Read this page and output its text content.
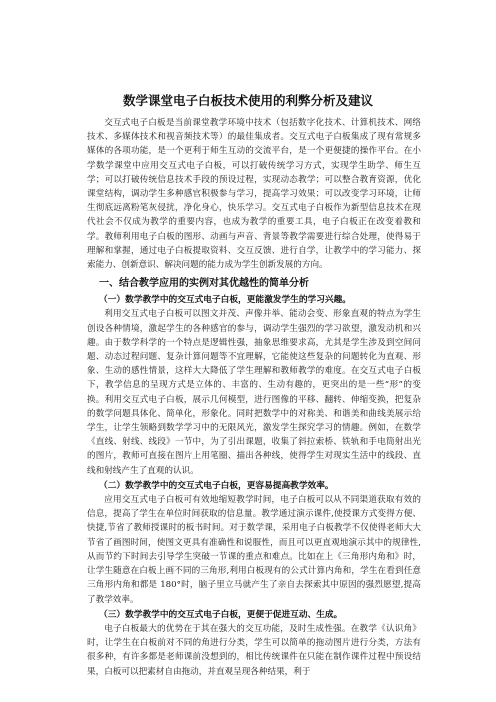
数学课堂电子白板技术使用的利弊分析及建议

交互式电子白板是当前课堂教学环境中技术（包括数字化技术、计算机技术、网络技术、多媒体技术和视音频技术等）的最佳集成者。交互式电子白板集成了现有常规多媒体的各项功能，是一个更利于师生互动的交流平台，是一个更便捷的操作平台。在小学数学课堂中应用交互式电子白板，可以打破传统学习方式，实现学生助学、师生互学；可以打破传统信息技术手段的预设过程，实现动态教学；可以整合教育资源，优化课堂结构，调动学生多种感官积极参与学习，提高学习效果；可以改变学习环境，让师生彻底远离粉笔灰侵扰，净化身心，快乐学习。交互式电子白板作为新型信息技术在现代社会不仅成为教学的重要内容，也成为教学的重要工具，电子白板正在改变着教和学。教师利用电子白板的图形、动画与声音、背景等教学需要进行综合处理，使得易于理解和掌握，通过电子白板提取资料、交互反馈、进行自学，让教学中的学习能力、探索能力、创新意识、解决问题的能力成为学生创新发展的方向。

一、结合教学应用的实例对其优越性的简单分析
（一）数学教学中的交互式电子白板，更能激发学生的学习兴趣。

利用交互式电子白板可以图文并茂、声像并举、能动会变、形象直观的特点为学生创设各种情境，激起学生的各种感官的参与，调动学生强烈的学习欲望，激发动机和兴趣。由于数学科学的一个特点是逻辑性强，抽象思维要求高，尤其是学生涉及到空间问题、动态过程问题、复杂计算问题等不宜理解，它能使这些复杂的问题转化为直观、形象、生动的感性情景，这样大大降低了学生理解和教师教学的难度。在交互式电子白板下，教学信息的呈现方式是立体的、丰富的、生动有趣的，更突出的是一些“形”的变换。利用交互式电子白板，展示几何模型，进行图像的平移、翻转、伸缩变换，把复杂的数学问题具体化、简单化，形象化。同时把数学中的对称美、和谐美和曲线美展示给学生，让学生领略到数学学习中的无限风光，激发学生探究学习的情趣。例如，在数学《直线、射线、线段》一节中，为了引出课题，收集了斜拉索桥、铁轨和手电筒射出光的图片，教师可直接在图片上用笔圈、描出各种线，使得学生对现实生活中的线段、直线和射线产生了直观的认识。

（二）数学教学中的交互式电子白板，更容易提高教学效率。

应用交互式电子白板可有效地缩短教学时间，电子白板可以从不同渠道获取有效的信息，提高了学生在单位时间获取的信息量。教学通过演示课件,使授课方式变得方便、快捷,节省了教师授课时的板书时间。对于数学课，采用电子白板教学不仅使得老师大大节省了画图时间，使图文更具有准确性和说服性，而且可以更直观地演示其中的规律性,从而节约下时间去引导学生突破一节课的重点和难点。比如在上《三角形内角和》时，让学生随意在白板上画不同的三角形,利用白板现有的公式计算内角和，学生在看到任意三角形内角和都是 180°时，脑子里立马就产生了亲自去探索其中原因的强烈愿望,提高了教学效率。

（三）数学教学中的交互式电子白板，更便于促进互动、生成。

电子白板最大的优势在于其在强大的交互功能，及时生成性强。在教学《认识角》时，让学生在白板前对不同的角进行分类，学生可以简单的拖动图片进行分类，方法有很多种，有许多都是老师课前没想到的，相比传统课件在只能在制作课件过程中预设结果，白板可以把素材自由拖动，并直观呈现各种结果，利于
